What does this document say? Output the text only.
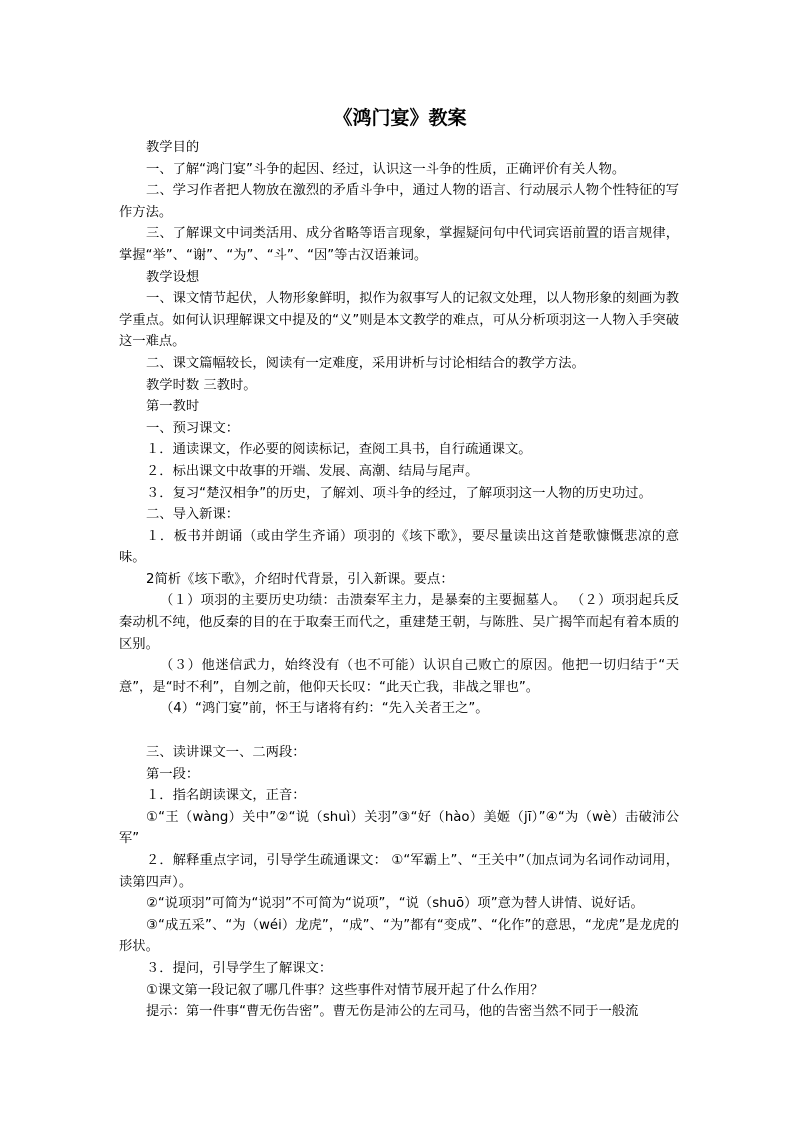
《鸿门宴》教案

教学目的

一、了解“鸿门宴”斗争的起因、经过，认识这一斗争的性质，正确评价有关人物。

二、学习作者把人物放在激烈的矛盾斗争中，通过人物的语言、行动展示人物个性特征的写作方法。

三、了解课文中词类活用、成分省略等语言现象，掌握疑问句中代词宾语前置的语言规律，掌握“举”、“谢”、“为”、“斗”、“因”等古汉语兼词。

教学设想

一、课文情节起伏，人物形象鲜明，拟作为叙事写人的记叙文处理，以人物形象的刻画为教学重点。如何认识理解课文中提及的“义”则是本文教学的难点，可从分析项羽这一人物入手突破这一难点。

二、课文篇幅较长，阅读有一定难度，采用讲析与讨论相结合的教学方法。

教学时数 三教时。

第一教时

一、预习课文：

１．通读课文，作必要的阅读标记，查阅工具书，自行疏通课文。

２．标出课文中故事的开端、发展、高潮、结局与尾声。

３．复习“楚汉相争”的历史，了解刘、项斗争的经过，了解项羽这一人物的历史功过。

二、导入新课：

１．板书并朗诵（或由学生齐诵）项羽的《垓下歌》，要尽量读出这首楚歌慷慨悲凉的意味。

2简析《垓下歌》，介绍时代背景，引入新课。要点：

（１）项羽的主要历史功绩：击溃秦军主力，是暴秦的主要掘墓人。 （２）项羽起兵反秦动机不纯，他反秦的目的在于取秦王而代之，重建楚王朝，与陈胜、吴广揭竿而起有着本质的区别。

（３）他迷信武力，始终没有（也不可能）认识自己败亡的原因。他把一切归结于“天意”，是“时不利”，自刎之前，他仰天长叹：“此天亡我，非战之罪也”。

（4）“鸿门宴”前，怀王与诸将有约：“先入关者王之”。

三、读讲课文一、二两段：

第一段：

１．指名朗读课文，正音：

①“王（wàng）关中”②“说（shuì）关羽”③“好（hào）美姬（jī）”④“为（wè）击破沛公军”

２．解释重点字词，引导学生疏通课文： ①“军霸上”、“王关中”（加点词为名词作动词用，读第四声）。

②“说项羽”可简为“说羽”不可简为“说项”，“说（shuō）项”意为替人讲情、说好话。

③“成五采”、“为（wéi）龙虎”，“成”、“为”都有“变成”、“化作”的意思，“龙虎”是龙虎的形状。

３．提问，引导学生了解课文：

①课文第一段记叙了哪几件事？这些事件对情节展开起了什么作用？

提示：第一件事“曹无伤告密”。曹无伤是沛公的左司马，他的告密当然不同于一般流
